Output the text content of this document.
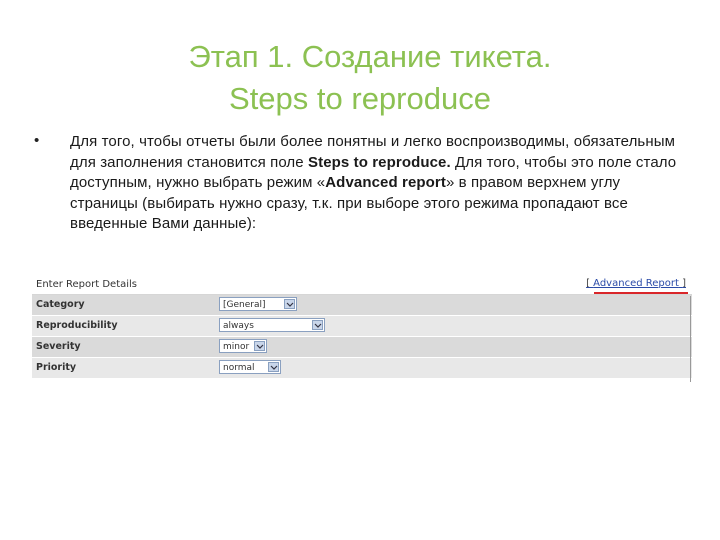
Этап 1. Создание тикета.
Steps to reproduce
• Для того, чтобы отчеты были более понятны и легко воспроизводимы, обязательным для заполнения становится поле Steps to reproduce. Для того, чтобы это поле стало доступным, нужно выбрать режим «Advanced report» в правом верхнем углу страницы (выбирать нужно сразу, т.к. при выборе этого режима пропадают все введенные Вами данные):
Enter Report Details	[ Advanced Report ]
Category	[General]
Reproducibility	always
Severity	minor
Priority	normal
